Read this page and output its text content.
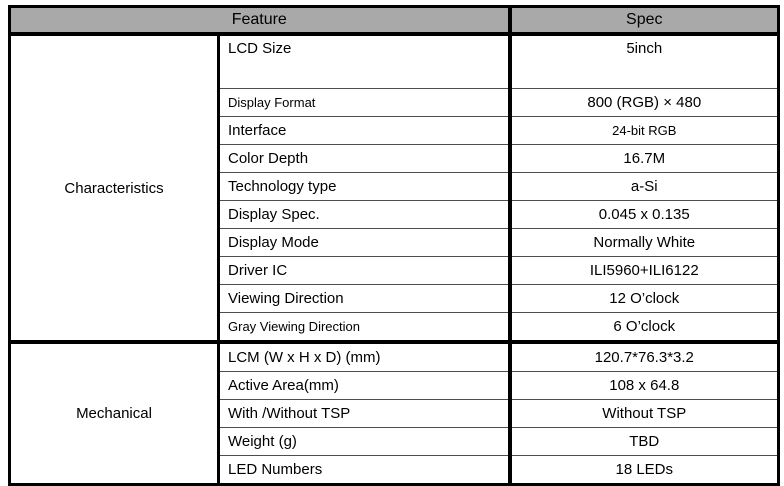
Feature		Spec
Characteristics	LCD Size	5inch
	Display Format	800 (RGB) × 480
	Interface	24-bit RGB
	Color Depth	16.7M
	Technology type	a-Si
	Display Spec.	0.045 x 0.135
	Display Mode	Normally White
	Driver IC	ILI5960+ILI6122
	Viewing Direction	12 O’clock
	Gray Viewing Direction	6 O’clock
Mechanical	LCM (W x H x D) (mm)	120.7*76.3*3.2
	Active Area(mm)	108 x 64.8
	With /Without TSP	Without TSP
	Weight (g)	TBD
	LED Numbers	18 LEDs
